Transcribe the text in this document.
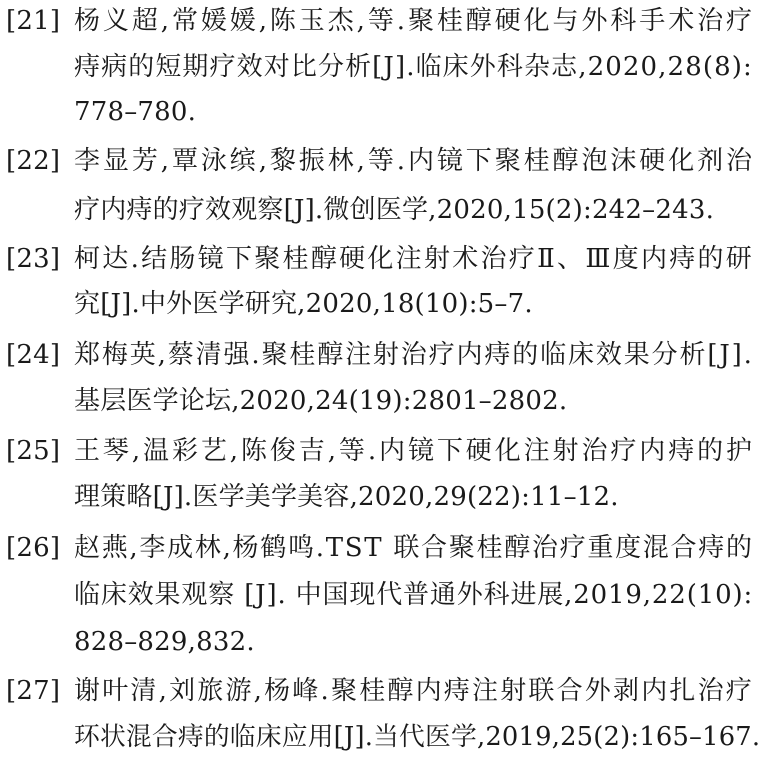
[21] 杨义超,常媛媛,陈玉杰,等.聚桂醇硬化与外科手术治疗
痔病的短期疗效对比分析[J].临床外科杂志,2020,28(8):
778–780.
[22] 李显芳,覃泳缤,黎振林,等.内镜下聚桂醇泡沫硬化剂治
疗内痔的疗效观察[J].微创医学,2020,15(2):242–243.
[23] 柯达.结肠镜下聚桂醇硬化注射术治疗Ⅱ、Ⅲ度内痔的研
究[J].中外医学研究,2020,18(10):5–7.
[24] 郑梅英,蔡清强.聚桂醇注射治疗内痔的临床效果分析[J].
基层医学论坛,2020,24(19):2801–2802.
[25] 王琴,温彩艺,陈俊吉,等.内镜下硬化注射治疗内痔的护
理策略[J].医学美学美容,2020,29(22):11–12.
[26] 赵燕,李成林,杨鹤鸣.TST 联合聚桂醇治疗重度混合痔的
临床效果观察 [J]. 中国现代普通外科进展,2019,22(10):
828–829,832.
[27] 谢叶清,刘旅游,杨峰.聚桂醇内痔注射联合外剥内扎治疗
环状混合痔的临床应用[J].当代医学,2019,25(2):165–167.
